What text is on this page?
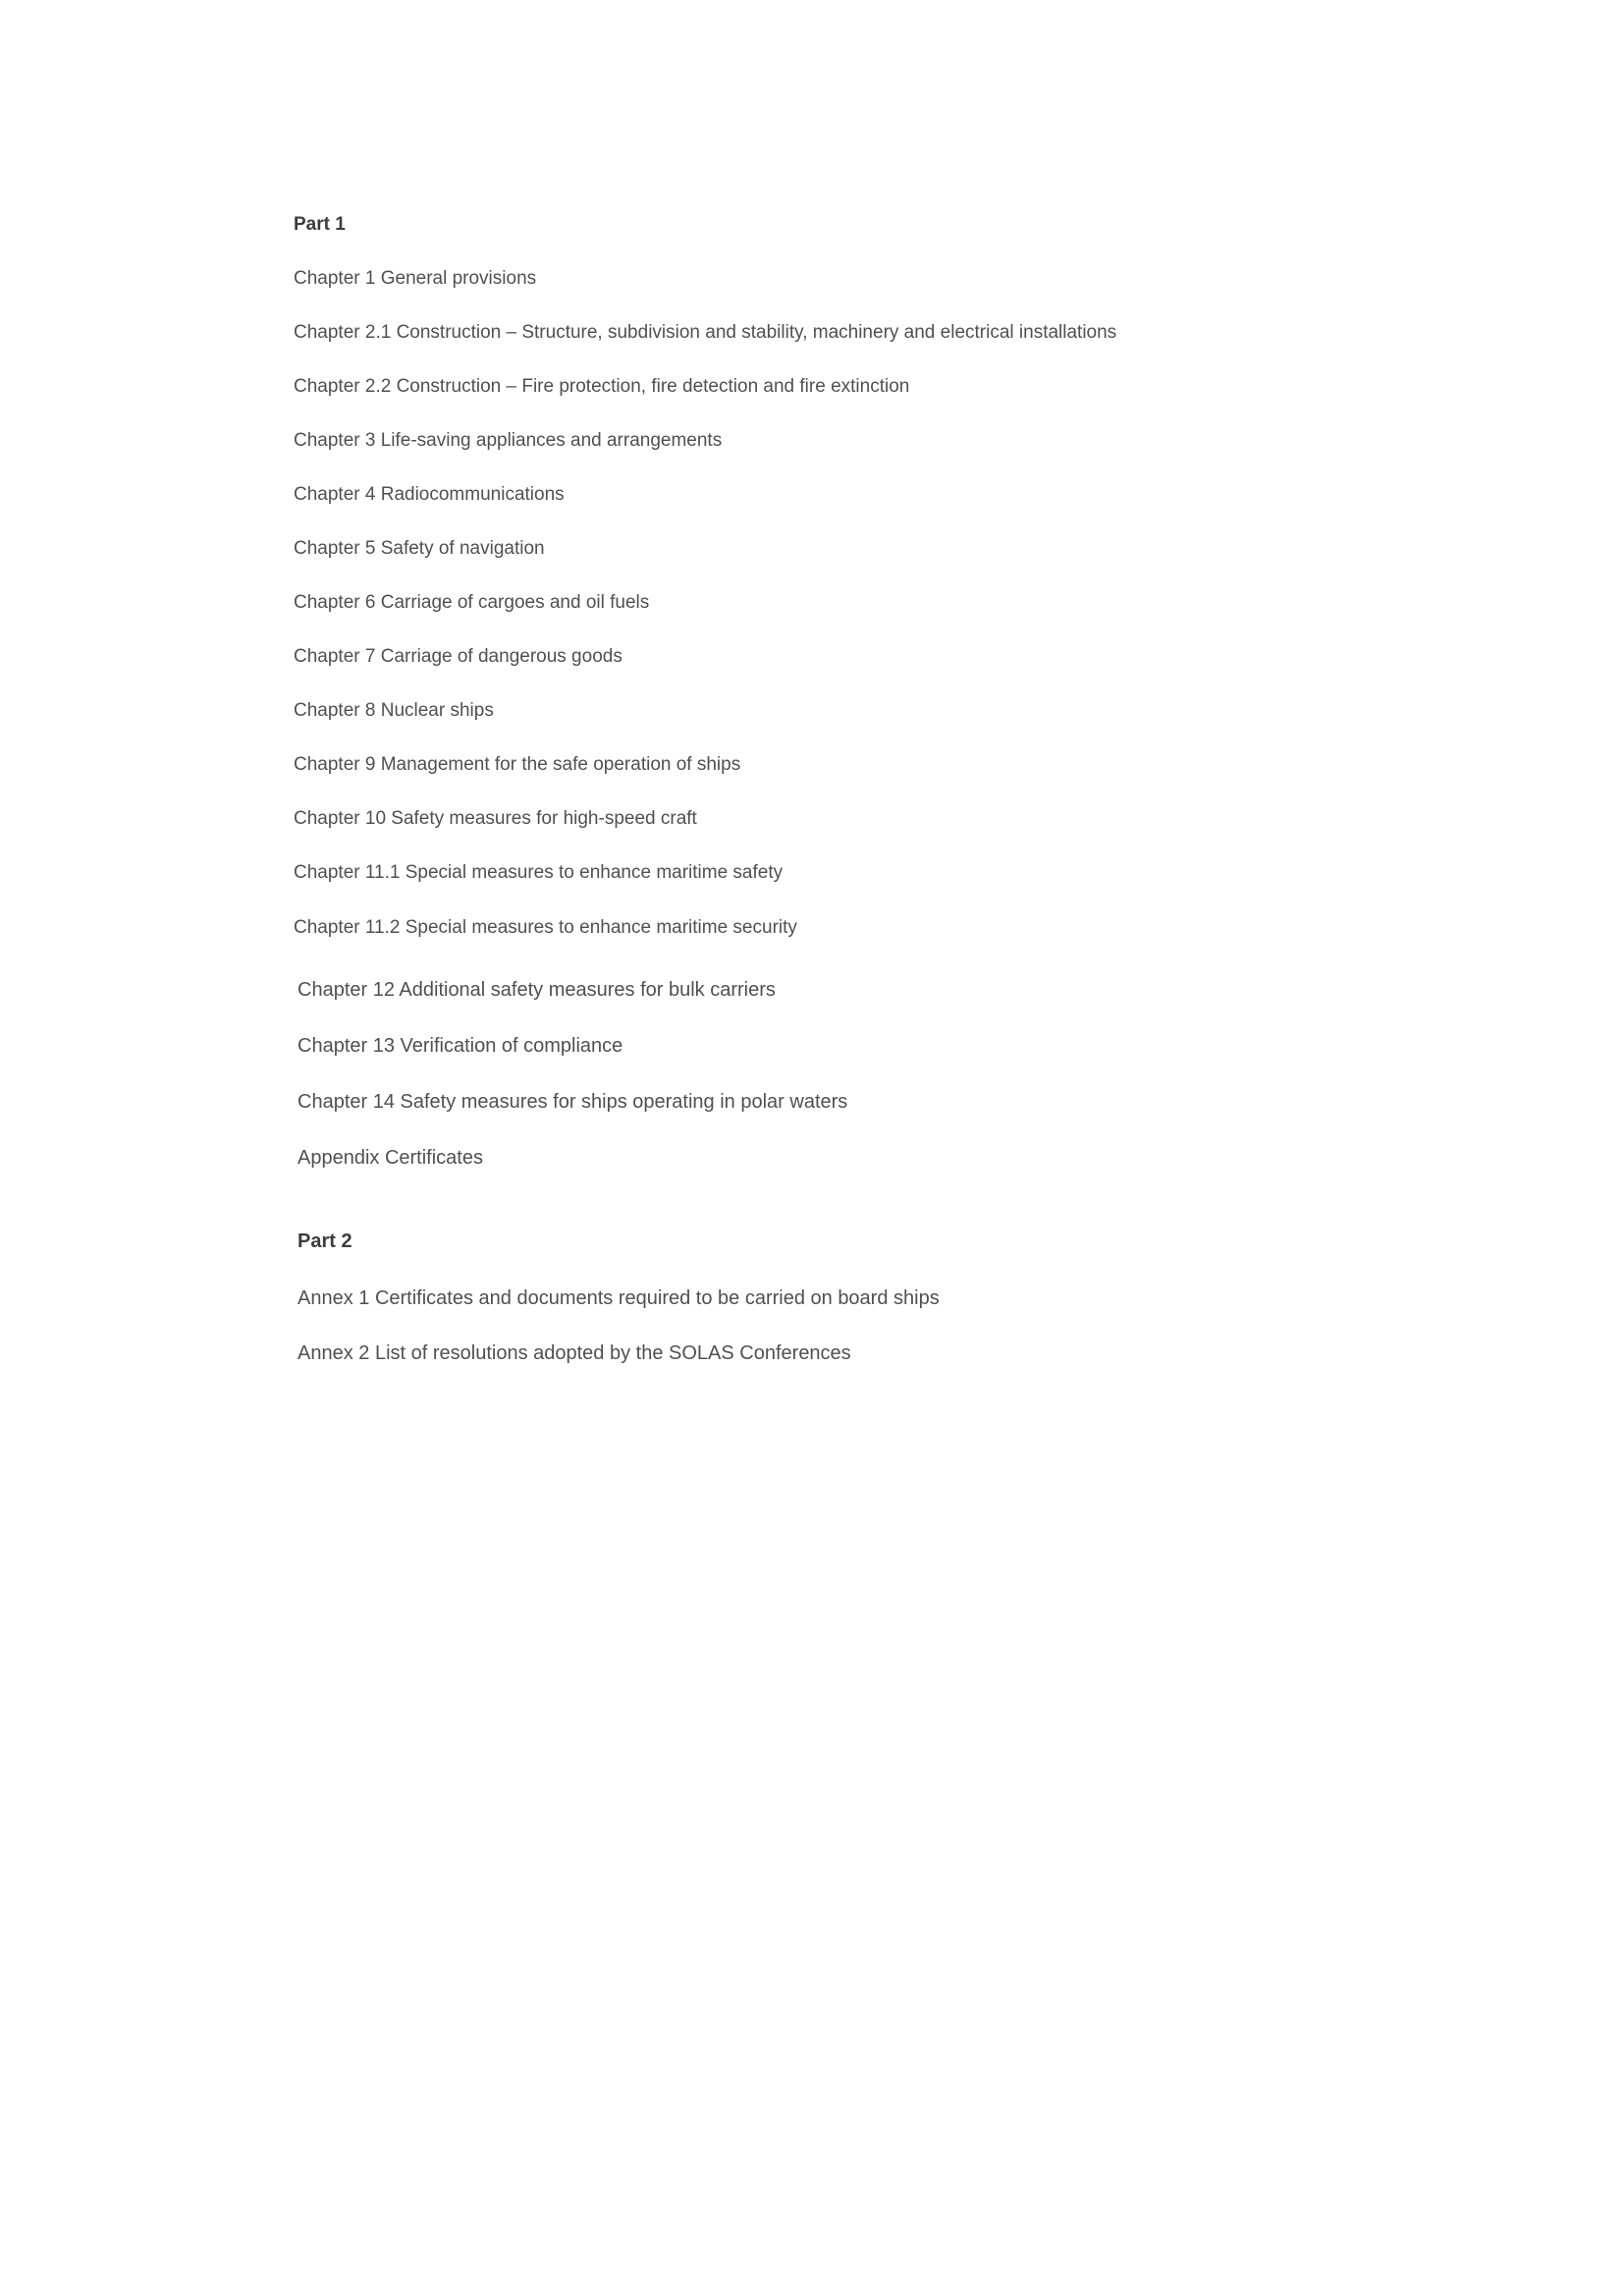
Part 1
Chapter 1 General provisions
Chapter 2.1 Construction – Structure, subdivision and stability, machinery and electrical installations
Chapter 2.2 Construction – Fire protection, fire detection and fire extinction
Chapter 3 Life-saving appliances and arrangements
Chapter 4 Radiocommunications
Chapter 5 Safety of navigation
Chapter 6 Carriage of cargoes and oil fuels
Chapter 7 Carriage of dangerous goods
Chapter 8 Nuclear ships
Chapter 9 Management for the safe operation of ships
Chapter 10 Safety measures for high-speed craft
Chapter 11.1 Special measures to enhance maritime safety
Chapter 11.2 Special measures to enhance maritime security
Chapter 12 Additional safety measures for bulk carriers
Chapter 13 Verification of compliance
Chapter 14 Safety measures for ships operating in polar waters
Appendix Certificates
Part 2
Annex 1 Certificates and documents required to be carried on board ships
Annex 2 List of resolutions adopted by the SOLAS Conferences
